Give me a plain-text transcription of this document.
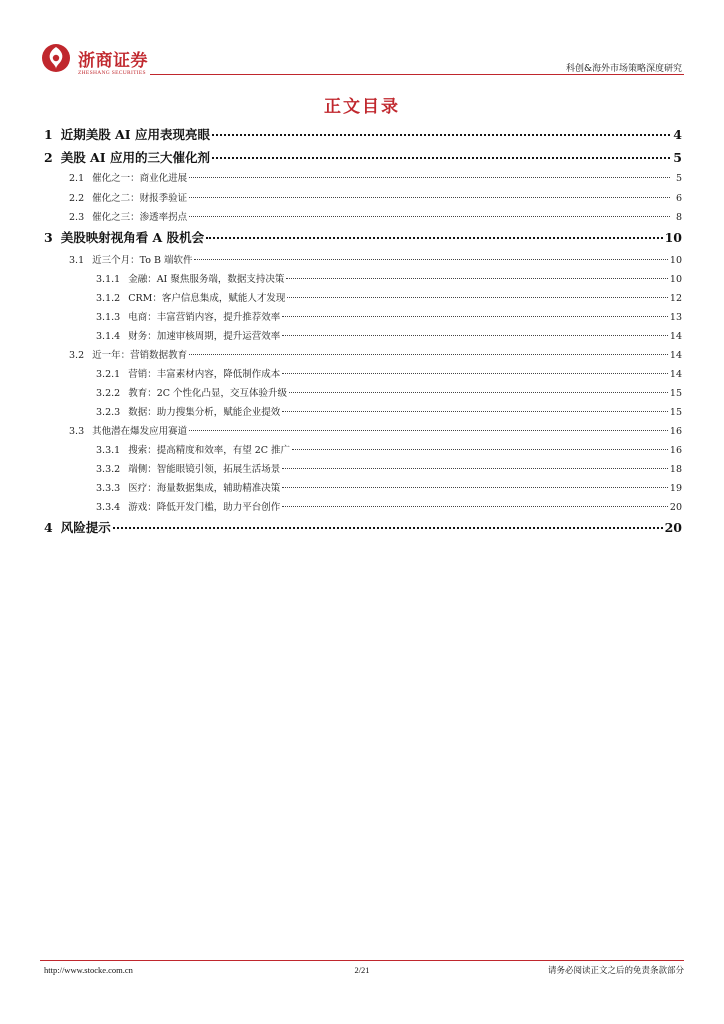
浙商证券
ZHESHANG SECURITIES	科创&海外市场策略深度研究
正文目录
1 近期美股 AI 应用表现亮眼	4
2 美股 AI 应用的三大催化剂	5
2.1 催化之一：商业化进展	5
2.2 催化之二：财报季验证	6
2.3 催化之三：渗透率拐点	8
3 美股映射视角看 A 股机会	10
3.1 近三个月：To B 端软件	10
3.1.1 金融：AI 聚焦服务端，数据支持决策	10
3.1.2 CRM：客户信息集成，赋能人才发现	12
3.1.3 电商：丰富营销内容，提升推荐效率	13
3.1.4 财务：加速审核周期，提升运营效率	14
3.2 近一年：营销数据教育	14
3.2.1 营销：丰富素材内容，降低制作成本	14
3.2.2 教育：2C 个性化凸显，交互体验升级	15
3.2.3 数据：助力搜集分析，赋能企业提效	15
3.3 其他潜在爆发应用赛道	16
3.3.1 搜索：提高精度和效率，有望 2C 推广	16
3.3.2 端侧：智能眼镜引领，拓展生活场景	18
3.3.3 医疗：海量数据集成，辅助精准决策	19
3.3.4 游戏：降低开发门槛，助力平台创作	20
4 风险提示	20
http://www.stocke.com.cn	2/21	请务必阅读正文之后的免责条款部分
